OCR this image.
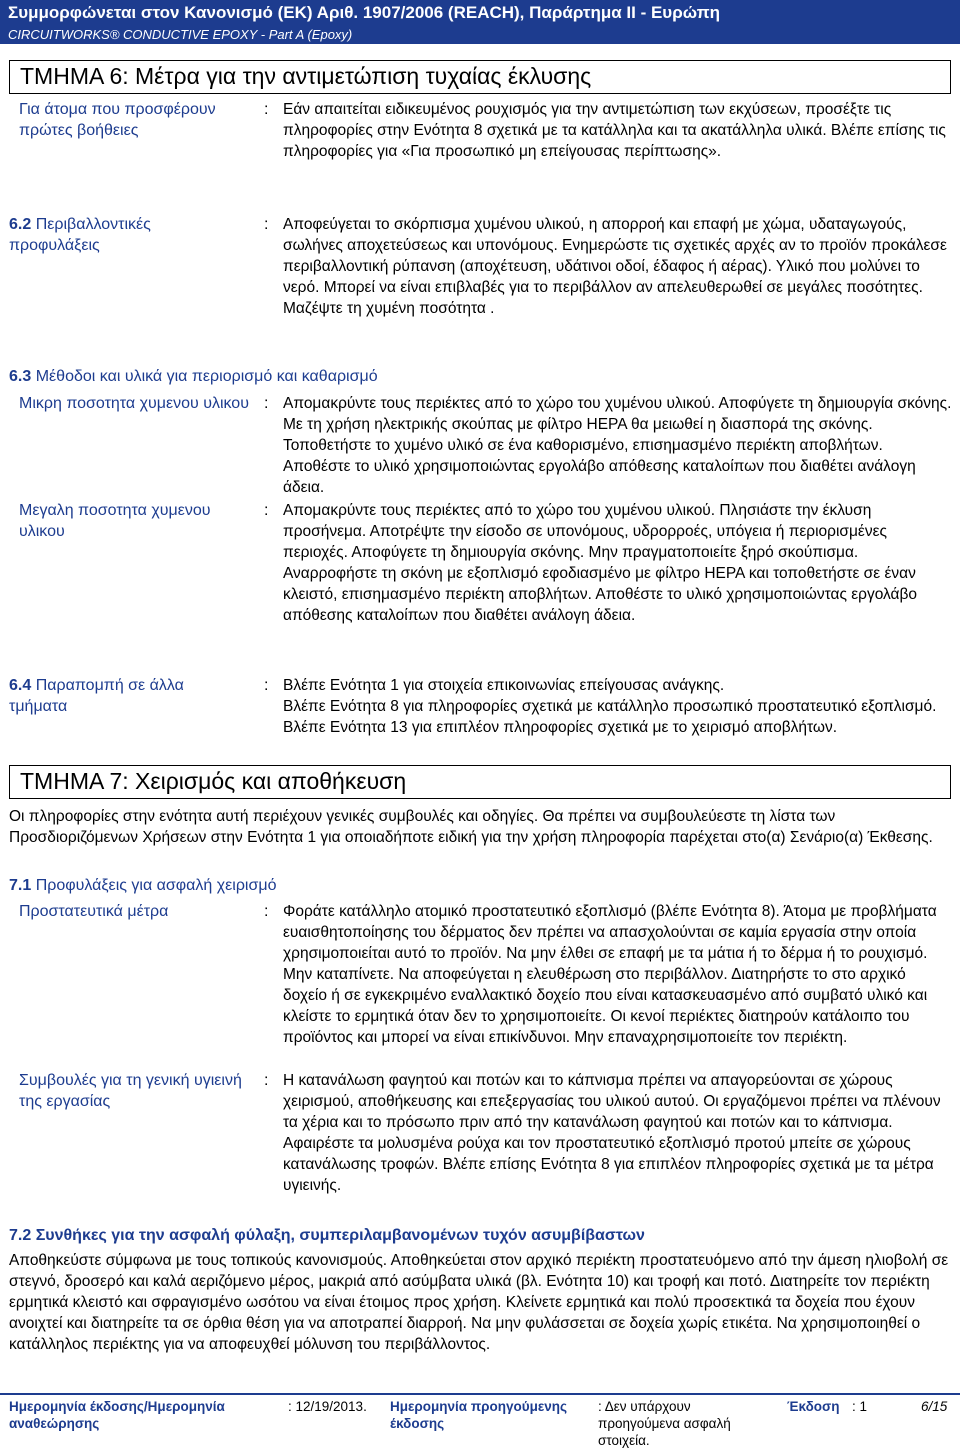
Συμμορφώνεται στον Κανονισμό (ΕΚ) Αριθ. 1907/2006 (REACH), Παράρτημα II - Ευρώπη
CIRCUITWORKS® CONDUCTIVE EPOXY - Part A (Epoxy)
ΤΜΗΜΑ 6: Μέτρα για την αντιμετώπιση τυχαίας έκλυσης
Για άτομα που προσφέρουν πρώτες βοήθειες
: Εάν απαιτείται ειδικευμένος ρουχισμός για την αντιμετώπιση των εκχύσεων, προσέξτε τις πληροφορίες στην Ενότητα 8 σχετικά με τα κατάλληλα και τα ακατάλληλα υλικά. Βλέπε επίσης τις πληροφορίες για «Για προσωπικό μη επείγουσας περίπτωσης».
6.2 Περιβαλλοντικές προφυλάξεις
: Αποφεύγεται το σκόρπισμα χυμένου υλικού, η απορροή και επαφή με χώμα, υδαταγωγούς, σωλήνες αποχετεύσεως και υπονόμους. Ενημερώστε τις σχετικές αρχές αν το προϊόν προκάλεσε περιβαλλοντική ρύπανση (αποχέτευση, υδάτινοι οδοί, έδαφος ή αέρας). Υλικό που μολύνει το νερό. Μπορεί να είναι επιβλαβές για το περιβάλλον αν απελευθερωθεί σε μεγάλες ποσότητες. Μαζέψτε τη χυμένη ποσότητα .
6.3 Μέθοδοι και υλικά για περιορισμό και καθαρισμό
Μικρη ποσοτητα χυμενου υλικου : Απομακρύντε τους περιέκτες από το χώρο του χυμένου υλικού. Αποφύγετε τη δημιουργία σκόνης. Με τη χρήση ηλεκτρικής σκούπας με φίλτρο HEPA θα μειωθεί η διασπορά της σκόνης. Τοποθετήστε το χυμένο υλικό σε ένα καθορισμένο, επισημασμένο περιέκτη αποβλήτων. Αποθέστε το υλικό χρησιμοποιώντας εργολάβο απόθεσης καταλοίπων που διαθέτει ανάλογη άδεια.
Μεγαλη ποσοτητα χυμενου υλικου
: Απομακρύντε τους περιέκτες από το χώρο του χυμένου υλικού. Πλησιάστε την έκλυση προσήνεμα. Αποτρέψτε την είσοδο σε υπονόμους, υδρορροές, υπόγεια ή περιορισμένες περιοχές. Αποφύγετε τη δημιουργία σκόνης. Μην πραγματοποιείτε ξηρό σκούπισμα. Αναρροφήστε τη σκόνη με εξοπλισμό εφοδιασμένο με φίλτρο HEPA και τοποθετήστε σε έναν κλειστό, επισημασμένο περιέκτη αποβλήτων. Αποθέστε το υλικό χρησιμοποιώντας εργολάβο απόθεσης καταλοίπων που διαθέτει ανάλογη άδεια.
6.4 Παραπομπή σε άλλα τμήματα
: Βλέπε Ενότητα 1 για στοιχεία επικοινωνίας επείγουσας ανάγκης.
Βλέπε Ενότητα 8 για πληροφορίες σχετικά με κατάλληλο προσωπικό προστατευτικό εξοπλισμό.
Βλέπε Ενότητα 13 για επιπλέον πληροφορίες σχετικά με το χειρισμό αποβλήτων.
ΤΜΗΜΑ 7: Χειρισμός και αποθήκευση
Οι πληροφορίες στην ενότητα αυτή περιέχουν γενικές συμβουλές και οδηγίες. Θα πρέπει να συμβουλεύεστε τη λίστα των Προσδιοριζόμενων Χρήσεων στην Ενότητα 1 για οποιαδήποτε ειδική για την χρήση πληροφορία παρέχεται στο(α) Σενάριο(α) Έκθεσης.
7.1 Προφυλάξεις για ασφαλή χειρισμό
Προστατευτικά μέτρα	: Φοράτε κατάλληλο ατομικό προστατευτικό εξοπλισμό (βλέπε Ενότητα 8). Άτομα με προβλήματα ευαισθητοποίησης του δέρματος δεν πρέπει να απασχολούνται σε καμία εργασία στην οποία χρησιμοποιείται αυτό το προϊόν. Να μην έλθει σε επαφή με τα μάτια ή το δέρμα ή το ρουχισμό. Μην καταπίνετε. Να αποφεύγεται η ελευθέρωση στο περιβάλλον. Διατηρήστε το στο αρχικό δοχείο ή σε εγκεκριμένο εναλλακτικό δοχείο που είναι κατασκευασμένο από συμβατό υλικό και κλείστε το ερμητικά όταν δεν το χρησιμοποιείτε. Οι κενοί περιέκτες διατηρούν κατάλοιπο του προϊόντος και μπορεί να είναι επικίνδυνοι. Μην επαναχρησιμοποιείτε τον περιέκτη.
Συμβουλές για τη γενική υγιεινή της εργασίας
: Η κατανάλωση φαγητού και ποτών και το κάπνισμα πρέπει να απαγορεύονται σε χώρους χειρισμού, αποθήκευσης και επεξεργασίας του υλικού αυτού. Οι εργαζόμενοι πρέπει να πλένουν τα χέρια και το πρόσωπο πριν από την κατανάλωση φαγητού και ποτών και το κάπνισμα. Αφαιρέστε τα μολυσμένα ρούχα και τον προστατευτικό εξοπλισμό προτού μπείτε σε χώρους κατανάλωσης τροφών. Βλέπε επίσης Ενότητα 8 για επιπλέον πληροφορίες σχετικά με τα μέτρα υγιεινής.
7.2 Συνθήκες για την ασφαλή φύλαξη, συμπεριλαμβανομένων τυχόν ασυμβίβαστων
Αποθηκεύστε σύμφωνα με τους τοπικούς κανονισμούς. Αποθηκεύεται στον αρχικό περιέκτη προστατευόμενο από την άμεση ηλιοβολή σε στεγνό, δροσερό και καλά αεριζόμενο μέρος, μακριά από ασύμβατα υλικά (βλ. Ενότητα 10) και τροφή και ποτό. Διατηρείτε τον περιέκτη ερμητικά κλειστό και σφραγισμένο ωσότου να είναι έτοιμος προς χρήση. Κλείνετε ερμητικά και πολύ προσεκτικά τα δοχεία που έχουν ανοιχτεί και διατηρείτε τα σε όρθια θέση για να αποτραπεί διαρροή. Να μην φυλάσσεται σε δοχεία χωρίς ετικέτα. Να χρησιμοποιηθεί ο κατάλληλος περιέκτης για να αποφευχθεί μόλυνση του περιβάλλοντος.
Ημερομηνία έκδοσης/Ημερομηνία αναθεώρησης
: 12/19/2013. Ημερομηνία προηγούμενης έκδοσης
: Δεν υπάρχουν προηγούμενα ασφαλή στοιχεία.
Έκδοση : 1	6/15
